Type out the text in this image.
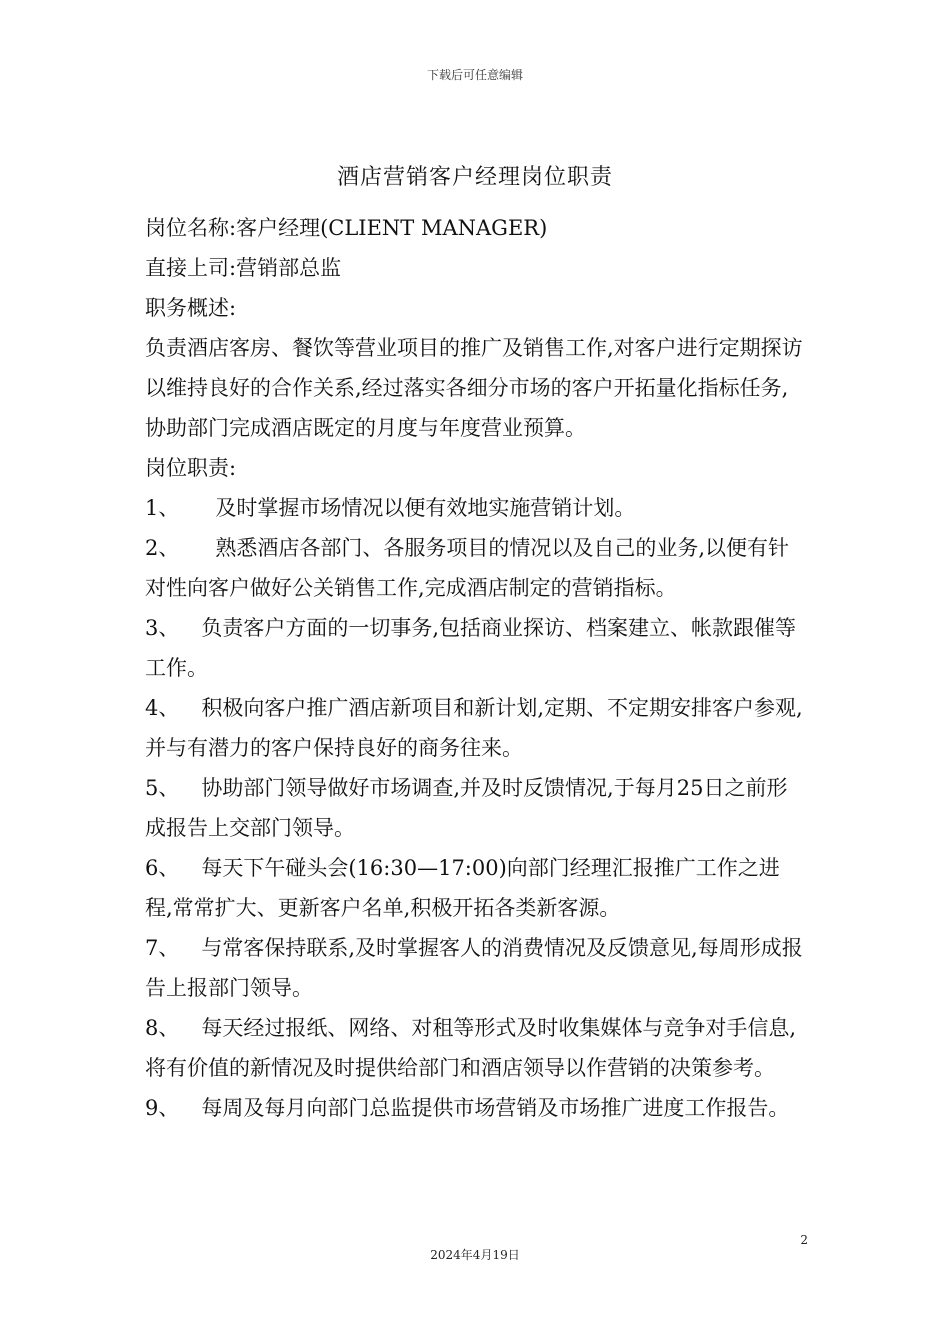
下载后可任意编辑
酒店营销客户经理岗位职责

岗位名称:客户经理(CLIENT MANAGER)

直接上司:营销部总监

职务概述:

负责酒店客房、餐饮等营业项目的推广及销售工作,对客户进行定期探访以维持良好的合作关系,经过落实各细分市场的客户开拓量化指标任务,协助部门完成酒店既定的月度与年度营业预算。

岗位职责:

1、 及时掌握市场情况以便有效地实施营销计划。

2、 熟悉酒店各部门、各服务项目的情况以及自己的业务,以便有针对性向客户做好公关销售工作,完成酒店制定的营销指标。

3、 负责客户方面的一切事务,包括商业探访、档案建立、帐款跟催等工作。

4、 积极向客户推广酒店新项目和新计划,定期、不定期安排客户参观,并与有潜力的客户保持良好的商务往来。

5、 协助部门领导做好市场调查,并及时反馈情况,于每月25日之前形成报告上交部门领导。

6、 每天下午碰头会(16:30—17:00)向部门经理汇报推广工作之进程,常常扩大、更新客户名单,积极开拓各类新客源。

7、 与常客保持联系,及时掌握客人的消费情况及反馈意见,每周形成报告上报部门领导。

8、 每天经过报纸、网络、对租等形式及时收集媒体与竞争对手信息,将有价值的新情况及时提供给部门和酒店领导以作营销的决策参考。

9、 每周及每月向部门总监提供市场营销及市场推广进度工作报告。

2
2024年4月19日
